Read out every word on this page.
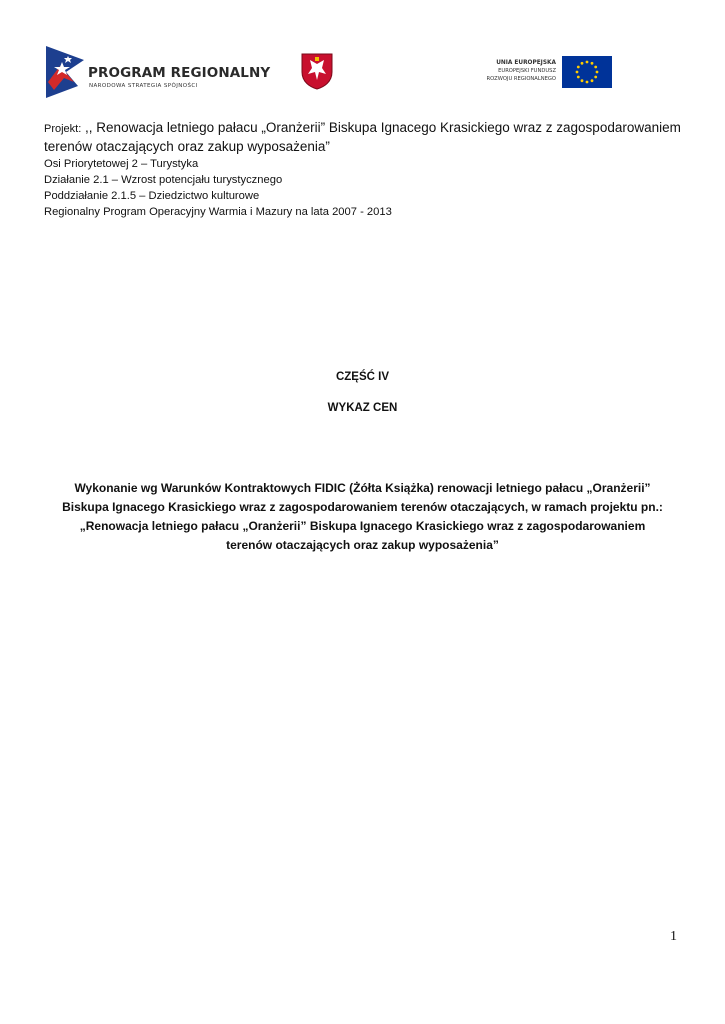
PROGRAM REGIONALNY
NARODOWA STRATEGIA SPÓJNOŚCI
UNIA EUROPEJSKA
EUROPEJSKI FUNDUSZ
ROZWOJU REGIONALNEGO

Projekt: ,, Renowacja letniego pałacu „Oranżerii” Biskupa Ignacego Krasickiego wraz z zagospodarowaniem

terenów otaczających oraz zakup wyposażenia”

Osi Priorytetowej 2 – Turystyka

Działanie 2.1 – Wzrost potencjału turystycznego

Poddziałanie 2.1.5 – Dziedzictwo kulturowe

Regionalny Program Operacyjny Warmia i Mazury na lata 2007 - 2013

CZĘŚĆ IV
WYKAZ CEN
Wykonanie wg Warunków Kontraktowych FIDIC (Żółta Książka) renowacji letniego pałacu „Oranżerii”
Biskupa Ignacego Krasickiego wraz z zagospodarowaniem terenów otaczających, w ramach projektu pn.:
„Renowacja letniego pałacu „Oranżerii” Biskupa Ignacego Krasickiego wraz z zagospodarowaniem
terenów otaczających oraz zakup wyposażenia”
1
